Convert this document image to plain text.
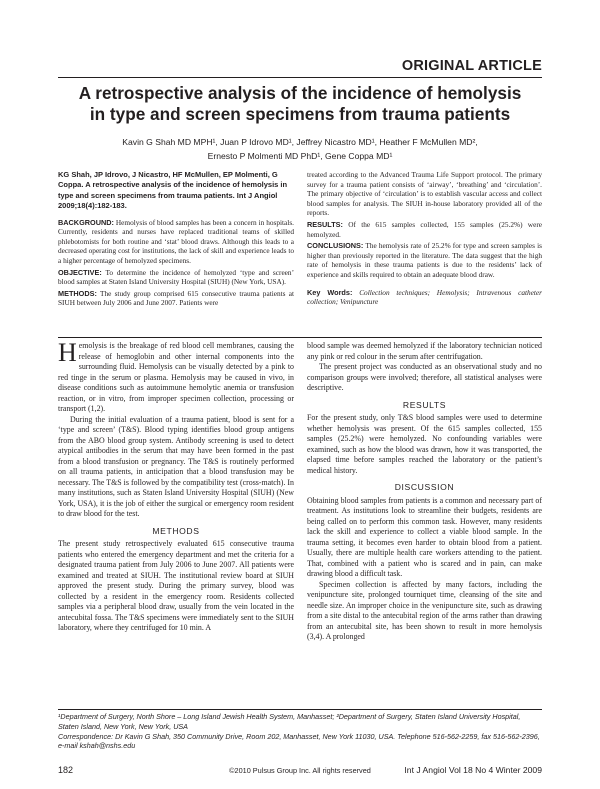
ORIGINAL ARTICLE
A retrospective analysis of the incidence of hemolysis
in type and screen specimens from trauma patients
Kavin G Shah MD MPH¹, Juan P Idrovo MD¹, Jeffrey Nicastro MD¹, Heather F McMullen MD²,
Ernesto P Molmenti MD PhD¹, Gene Coppa MD¹

KG Shah, JP Idrovo, J Nicastro, HF McMullen, EP Molmenti, G Coppa. A retrospective analysis of the incidence of hemolysis in type and screen specimens from trauma patients. Int J Angiol 2009;18(4):182-183.

BACKGROUND: Hemolysis of blood samples has been a concern in hospitals. Currently, residents and nurses have replaced traditional teams of skilled phlebotomists for both routine and ‘stat’ blood draws. Although this leads to a decreased operating cost for institutions, the lack of skill and experience leads to a higher percentage of hemolyzed specimens.

OBJECTIVE: To determine the incidence of hemolyzed ‘type and screen’ blood samples at Staten Island University Hospital (SIUH) (New York, USA).

METHODS: The study group comprised 615 consecutive trauma patients at SIUH between July 2006 and June 2007. Patients were

treated according to the Advanced Trauma Life Support protocol. The primary survey for a trauma patient consists of ‘airway’, ‘breathing’ and ‘circulation’. The primary objective of ‘circulation’ is to establish vascular access and collect blood samples for analysis. The SIUH in-house laboratory provided all of the reports.

RESULTS: Of the 615 samples collected, 155 samples (25.2%) were hemolyzed.

CONCLUSIONS: The hemolysis rate of 25.2% for type and screen samples is higher than previously reported in the literature. The data suggest that the high rate of hemolysis in these trauma patients is due to the residents’ lack of experience and skills required to obtain an adequate blood draw.

Key Words: Collection techniques; Hemolysis; Intravenous catheter collection; Venipuncture

Hemolysis is the breakage of red blood cell membranes, causing the release of hemoglobin and other internal components into the surrounding fluid. Hemolysis can be visually detected by a pink to red tinge in the serum or plasma. Hemolysis may be caused in vivo, in disease conditions such as autoimmune hemolytic anemia or transfusion reaction, or in vitro, from improper specimen collection, processing or transport (1,2).

During the initial evaluation of a trauma patient, blood is sent for a ‘type and screen’ (T&S). Blood typing identifies blood group antigens from the ABO blood group system. Antibody screening is used to detect atypical antibodies in the serum that may have been formed in the past from a blood transfusion or pregnancy. The T&S is routinely performed on all trauma patients, in anticipation that a blood transfusion may be necessary. The T&S is followed by the compatibility test (cross-match). In many institutions, such as Staten Island University Hospital (SIUH) (New York, USA), it is the job of either the surgical or emergency room resident to draw blood for the test.

METHODS

The present study retrospectively evaluated 615 consecutive trauma patients who entered the emergency department and met the criteria for a designated trauma patient from July 2006 to June 2007. All patients were examined and treated at SIUH. The institutional review board at SIUH approved the present study. During the primary survey, blood was collected by a resident in the emergency room. Residents collected samples via a peripheral blood draw, usually from the vein located in the antecubital fossa. The T&S specimens were immediately sent to the SIUH laboratory, where they centrifuged for 10 min. A

blood sample was deemed hemolyzed if the laboratory technician noticed any pink or red colour in the serum after centrifugation.

The present project was conducted as an observational study and no comparison groups were involved; therefore, all statistical analyses were descriptive.

RESULTS

For the present study, only T&S blood samples were used to determine whether hemolysis was present. Of the 615 samples collected, 155 samples (25.2%) were hemolyzed. No confounding variables were examined, such as how the blood was drawn, how it was transported, the elapsed time before samples reached the laboratory or the patient’s medical history.

DISCUSSION

Obtaining blood samples from patients is a common and necessary part of treatment. As institutions look to streamline their budgets, residents are being called on to perform this common task. However, many residents lack the skill and experience to collect a viable blood sample. In the trauma setting, it becomes even harder to obtain blood from a patient. Usually, there are multiple health care workers attending to the patient. That, combined with a patient who is scared and in pain, can make drawing blood a difficult task.

Specimen collection is affected by many factors, including the venipuncture site, prolonged tourniquet time, cleansing of the site and needle size. An improper choice in the venipuncture site, such as drawing from a site distal to the antecubital region of the arms rather than drawing from an antecubital site, has been shown to result in more hemolysis (3,4). A prolonged

¹Department of Surgery, North Shore – Long Island Jewish Health System, Manhasset; ²Department of Surgery, Staten Island University Hospital, Staten Island, New York, New York, USA

Correspondence: Dr Kavin G Shah, 350 Community Drive, Room 202, Manhasset, New York 11030, USA. Telephone 516-562-2259, fax 516-562-2396, e-mail kshah@nshs.edu

182	©2010 Pulsus Group Inc. All rights reserved	Int J Angiol Vol 18 No 4 Winter 2009
